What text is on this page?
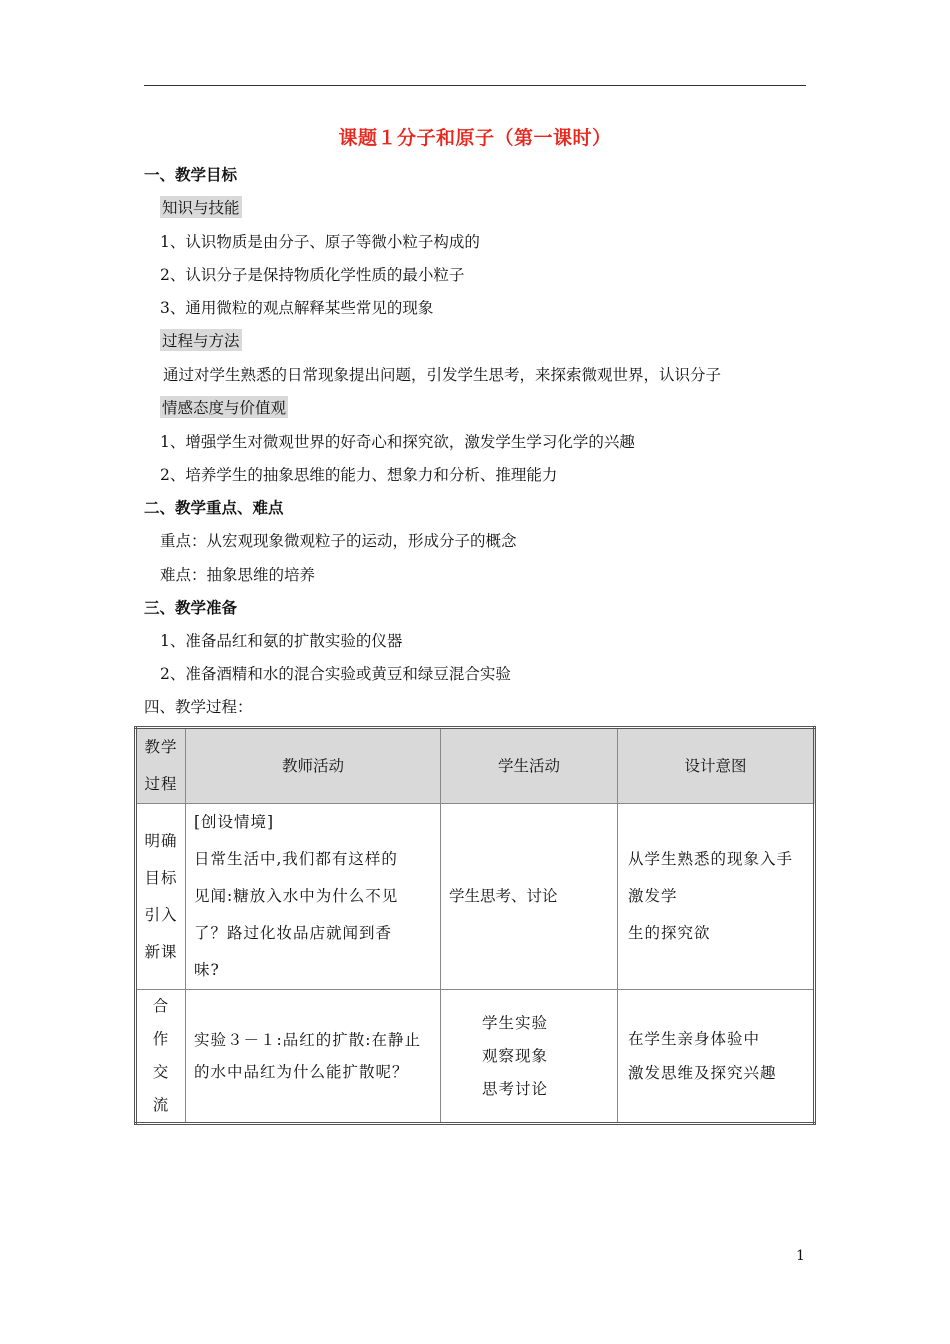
课题１分子和原子（第一课时）
一、教学目标
知识与技能
1、认识物质是由分子、原子等微小粒子构成的
2、认识分子是保持物质化学性质的最小粒子
3、通用微粒的观点解释某些常见的现象
过程与方法
通过对学生熟悉的日常现象提出问题，引发学生思考，来探索微观世界，认识分子
情感态度与价值观
1、增强学生对微观世界的好奇心和探究欲，激发学生学习化学的兴趣
2、培养学生的抽象思维的能力、想象力和分析、推理能力
二、教学重点、难点
重点：从宏观现象微观粒子的运动，形成分子的概念
难点：抽象思维的培养
三、教学准备
1、准备品红和氨的扩散实验的仪器
2、准备酒精和水的混合实验或黄豆和绿豆混合实验
四、教学过程：
教学
过程	教师活动	学生活动	设计意图

明确
目标
引入
新课	[创设情境]
日常生活中,我们都有这样的
见闻:糖放入水中为什么不见
了？路过化妆品店就闻到香
味?	学生思考、讨论	从学生熟悉的现象入手激发学
生的探究欲

合
作
交
流	实验３－１:品红的扩散:在静止
的水中品红为什么能扩散呢？	学生实验
观察现象
思考讨论	在学生亲身体验中
激发思维及探究兴趣
1
